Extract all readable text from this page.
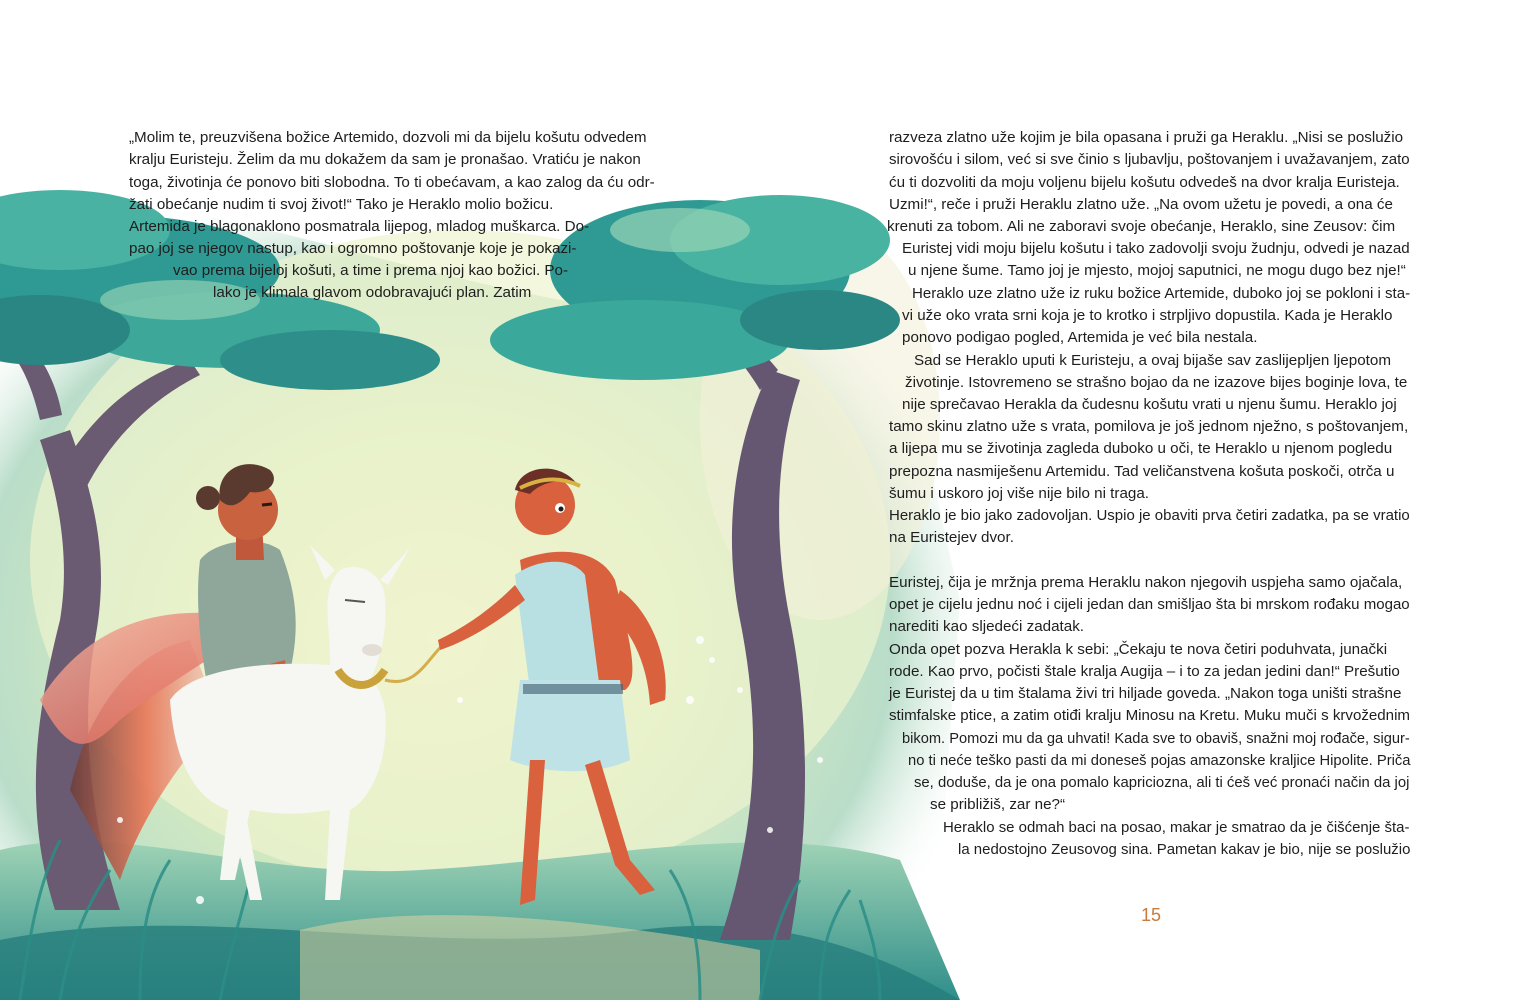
„Molim te, preuzvišena božice Artemido, dozvoli mi da bijelu košutu odvedem
kralju Euristeju. Želim da mu dokažem da sam je pronašao. Vratiću je nakon
toga, životinja će ponovo biti slobodna. To ti obećavam, a kao zalog da ću odr-
žati obećanje nudim ti svoj život!“ Tako je Heraklo molio božicu.
Artemida je blagonaklono posmatrala lijepog, mladog muškarca. Do-
pao joj se njegov nastup, kao i ogromno poštovanje koje je pokazi-
vao prema bijeloj košuti, a time i prema njoj kao božici. Po-
lako je klimala glavom odobravajući plan. Zatim
razveza zlatno uže kojim je bila opasana i pruži ga Heraklu. „Nisi se poslužio
sirovošću i silom, već si sve činio s ljubavlju, poštovanjem i uvažavanjem, zato
ću ti dozvoliti da moju voljenu bijelu košutu odvedeš na dvor kralja Euristeja.
Uzmi!“, reče i pruži Heraklu zlatno uže. „Na ovom užetu je povedi, a ona će
krenuti za tobom. Ali ne zaboravi svoje obećanje, Heraklo, sine Zeusov: čim
Euristej vidi moju bijelu košutu i tako zadovolji svoju žudnju, odvedi je nazad
u njene šume. Tamo joj je mjesto, mojoj saputnici, ne mogu dugo bez nje!“
Heraklo uze zlatno uže iz ruku božice Artemide, duboko joj se pokloni i sta-
vi uže oko vrata srni koja je to krotko i strpljivo dopustila. Kada je Heraklo
ponovo podigao pogled, Artemida je već bila nestala.
Sad se Heraklo uputi k Euristeju, a ovaj bijaše sav zaslijepljen ljepotom
životinje. Istovremeno se strašno bojao da ne izazove bijes boginje lova, te
nije sprečavao Herakla da čudesnu košutu vrati u njenu šumu. Heraklo joj
tamo skinu zlatno uže s vrata, pomilova je još jednom nježno, s poštovanjem,
a lijepa mu se životinja zagleda duboko u oči, te Heraklo u njenom pogledu
prepozna nasmiješenu Artemidu. Tad veličanstvena košuta poskoči, otrča u
šumu i uskoro joj više nije bilo ni traga.
Heraklo je bio jako zadovoljan. Uspio je obaviti prva četiri zadatka, pa se vratio
na Euristejev dvor.
Euristej, čija je mržnja prema Heraklu nakon njegovih uspjeha samo ojačala,
opet je cijelu jednu noć i cijeli jedan dan smišljao šta bi mrskom rođaku mogao
narediti kao sljedeći zadatak.
Onda opet pozva Herakla k sebi: „Čekaju te nova četiri poduhvata, junački
rode. Kao prvo, počisti štale kralja Augija – i to za jedan jedini dan!“ Prešutio
je Euristej da u tim štalama živi tri hiljade goveda. „Nakon toga uništi strašne
stimfalske ptice, a zatim otiđi kralju Minosu na Kretu. Muku muči s krvožednim
bikom. Pomozi mu da ga uhvati! Kada sve to obaviš, snažni moj rođače, sigur-
no ti neće teško pasti da mi doneseš pojas amazonske kraljice Hipolite. Priča
se, doduše, da je ona pomalo kapriciozna, ali ti ćeš već pronaći način da joj
se približiš, zar ne?“
Heraklo se odmah baci na posao, makar je smatrao da je čišćenje šta-
la nedostojno Zeusovog sina. Pametan kakav je bio, nije se poslužio
15
